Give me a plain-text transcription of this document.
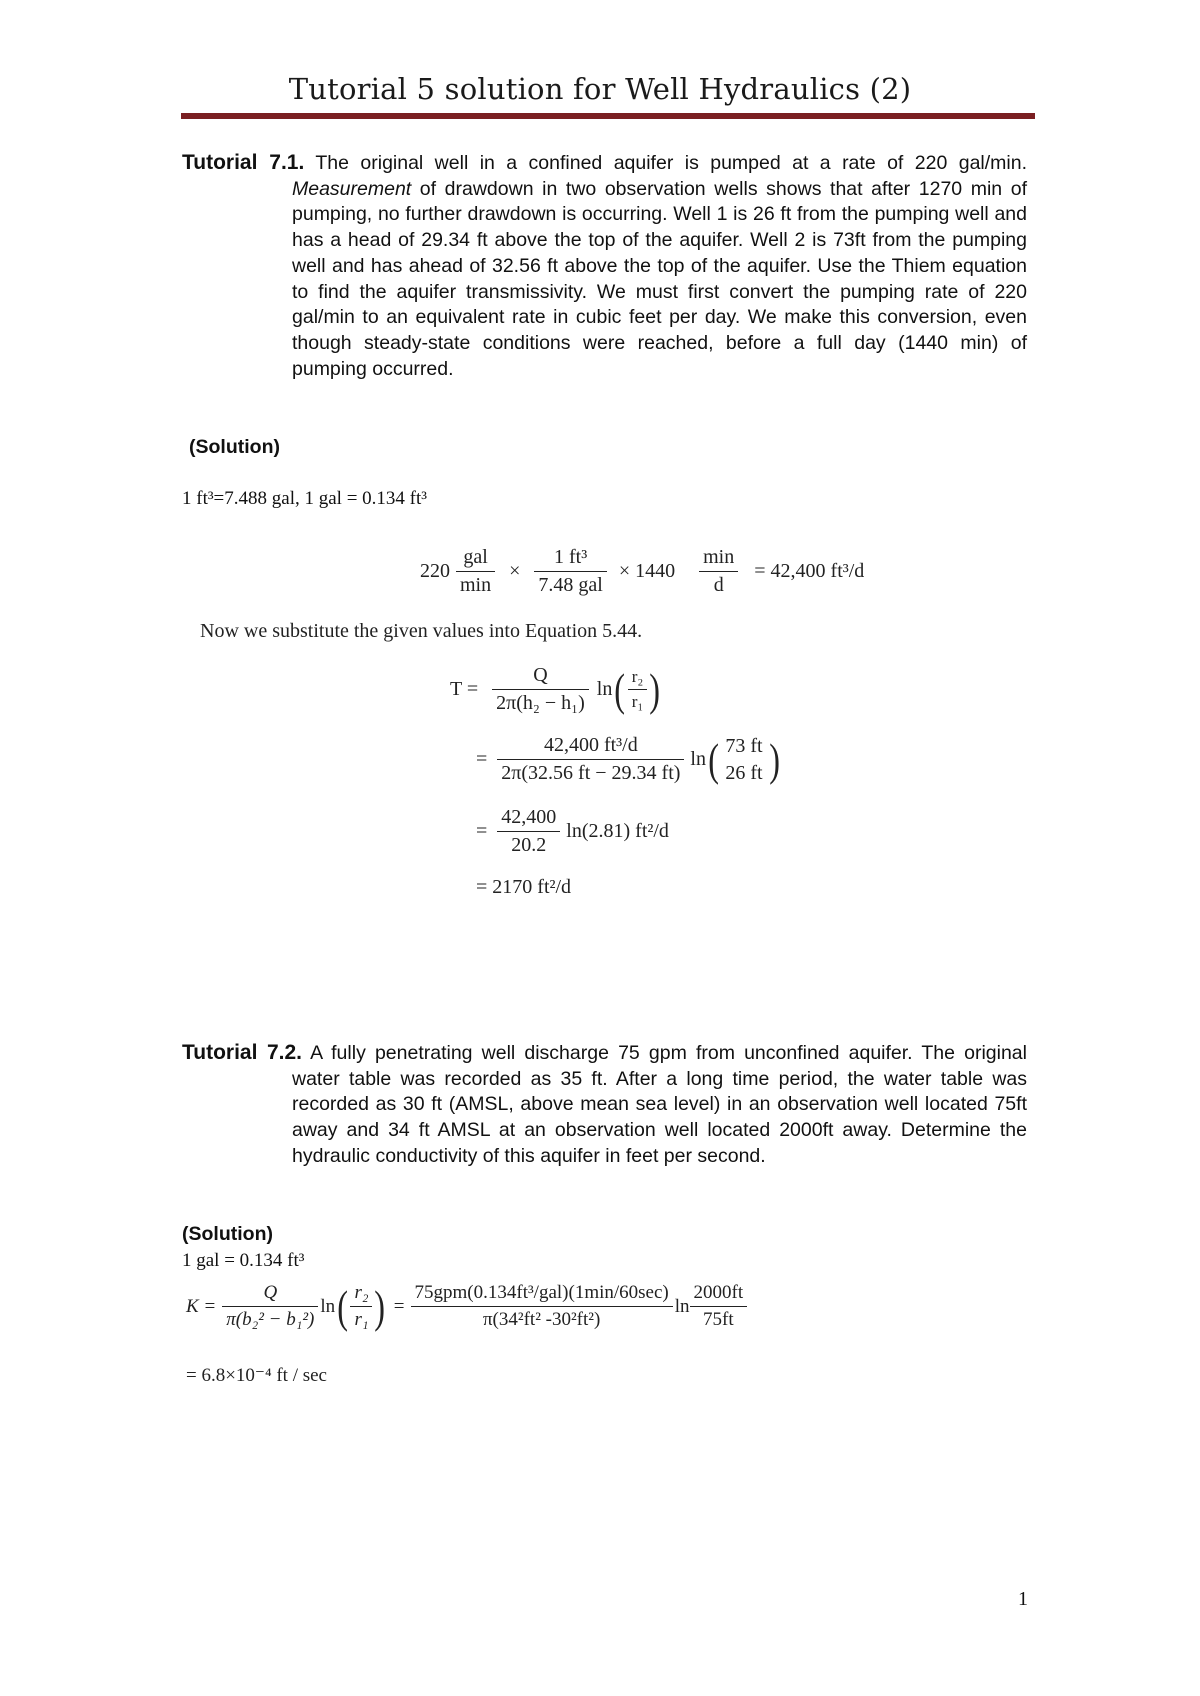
Tutorial 5 solution for Well Hydraulics (2)
Tutorial 7.1. The original well in a confined aquifer is pumped at a rate of 220 gal/min. Measurement of drawdown in two observation wells shows that after 1270 min of pumping, no further drawdown is occurring. Well 1 is 26 ft from the pumping well and has a head of 29.34 ft above the top of the aquifer. Well 2 is 73ft from the pumping well and has ahead of 32.56 ft above the top of the aquifer. Use the Thiem equation to find the aquifer transmissivity. We must first convert the pumping rate of 220 gal/min to an equivalent rate in cubic feet per day. We make this conversion, even though steady-state conditions were reached, before a full day (1440 min) of pumping occurred.
(Solution)
1 ft³=7.488 gal, 1 gal = 0.134 ft³
$220 \frac{\text{gal}}{\min} \times \frac{\text{1 ft³}}{\text{7.48 gal}} \times 1440 \frac{\min}{d} = 42,400$ ft³/d
Now we substitute the given values into Equation 5.44.
$T = \frac{Q}{\text{2π(h₂ − h₁)}}$ ln ( $\frac{\text{r₂}}{\text{r₁}}$ )
= $\frac{\text{42,400 ft³/d}}{2\pi(32.56 ft - 29.34 ft)}$ ln ( 73 ft
26 ft )
= $\frac{42,400}{20.2} \ln(2.81)$ ft²/d
= 2170 ft²/d
Tutorial 7.2. A fully penetrating well discharge 75 gpm from unconfined aquifer. The original water table was recorded as 35 ft. After a long time period, the water table was recorded as 30 ft (AMSL, above mean sea level) in an observation well located 75ft away and 34 ft AMSL at an observation well located 2000ft away. Determine the hydraulic conductivity of this aquifer in feet per second.
(Solution)
1 gal = 0.134 ft³
$K = \frac{Q}{\text{π(b₂² − b₁²)}}$ ln ( $\frac{\text{r₂}}{\text{r₁}}$ ) = $\frac{\text{75gpm(0.134ft³/gal)(1min/60sec)}}{\text{π(34²ft² -30²ft²)}}$ $\ln \frac{2000ft}{75ft}$
= 6.8×10⁻⁴ ft / sec
1
